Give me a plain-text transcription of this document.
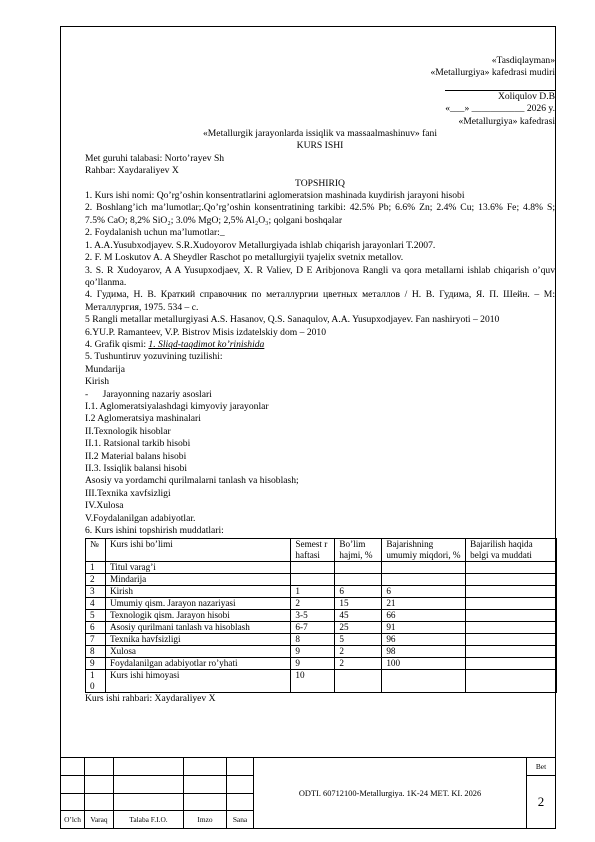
«Tasdiqlayman»

«Metallurgiya» kafedrasi mudiri

Xoliqulov D.B

«___» ___________ 2026 y.

«Metallurgiya» kafedrasi

«Metallurgik jarayonlarda issiqlik va massaalmashinuv» fani

KURS ISHI

Met guruhi talabasi: Norto’rayev Sh

Rahbar: Xaydaraliyev X

TOPSHIRIQ

1. Kurs ishi nomi: Qo’rg’oshin konsentratlarini aglomeratsion mashinada kuydirish jarayoni hisobi

2. Boshlang’ich ma’lumotlar;.Qo’rg’oshin konsentratining tarkibi: 42.5% Pb; 6.6% Zn; 2.4% Cu; 13.6% Fe; 4.8% S; 7.5% CaO; 8,2% SiO₂; 3.0% MgO; 2,5% Al₂O₃; qolgani boshqalar

2. Foydalanish uchun ma’lumotlar:_

1. A.A.Yusubxodjayev. S.R.Xudoyorov Metallurgiyada ishlab chiqarish jarayonlari T.2007.

2. F. M Loskutov A. A Sheydler Raschot po metallurgiyii tyajelix svetnix metallov.

3. S. R Xudoyarov, A A Yusupxodjaev, X. R Valiev, D E Aribjonova Rangli va qora metallarni ishlab chiqarish o’quv qo’llanma.

4. Гудима, Н. В. Краткий справочник по металлургии цветных металлов / Н. В. Гудима, Я. П. Шейн. – М: Металлургия, 1975. 534 – с.

5 Rangli metallar metallurgiyasi A.S. Hasanov, Q.S. Sanaqulov, A.A. Yusupxodjayev. Fan nashiryoti – 2010

6.YU.P. Ramanteev, V.P. Bistrov Misis izdatelskiy dom – 2010

4. Grafik qismi: 1. Sliqd-taqdimot ko’rinishida

5. Tushuntiruv yozuvining tuzilishi:

Mundarija

Kirish

-      Jarayonning nazariy asoslari

I.1. Aglomeratsiyalashdagi kimyoviy jarayonlar

I.2 Aglomeratsiya mashinalari

II.Texnologik hisoblar

II.1. Ratsional tarkib hisobi

II.2 Material balans hisobi

II.3. Issiqlik balansi hisobi

Asosiy va yordamchi qurilmalarni tanlash va hisoblash;

III.Texnika xavfsizligi

IV.Xulosa

V.Foydalanilgan adabiyotlar.

6. Kurs ishini topshirish muddatlari:

№	Kurs ishi bo’limi	Semest r haftasi	Bo’lim hajmi, %	Bajarishning umumiy miqdori, %	Bajarilish haqida belgi va muddati
1	Titul varag’i				
2	Mindarija				
3	Kirish	1	6	6	
4	Umumiy qism. Jarayon nazariyasi	2	15	21	
5	Texnologik qism. Jarayon hisobi	3-5	45	66	
6	Asosiy qurilmani tanlash va hisoblash	6-7	25	91	
7	Texnika havfsizligi	8	5	96	
8	Xulosa	9	2	98	
9	Foydalanilgan adabiyotlar ro’yhati	9	2	100	
1 0	Kurs ishi himoyasi	10			

Kurs ishi rahbari: Xaydaraliyev X

					ODTI. 60712100-Metallurgiya. 1K-24 MET. KI. 2026	Bet
						2

O’lch	Varaq	Talaba F.I.O.	Imzo	Sana		
